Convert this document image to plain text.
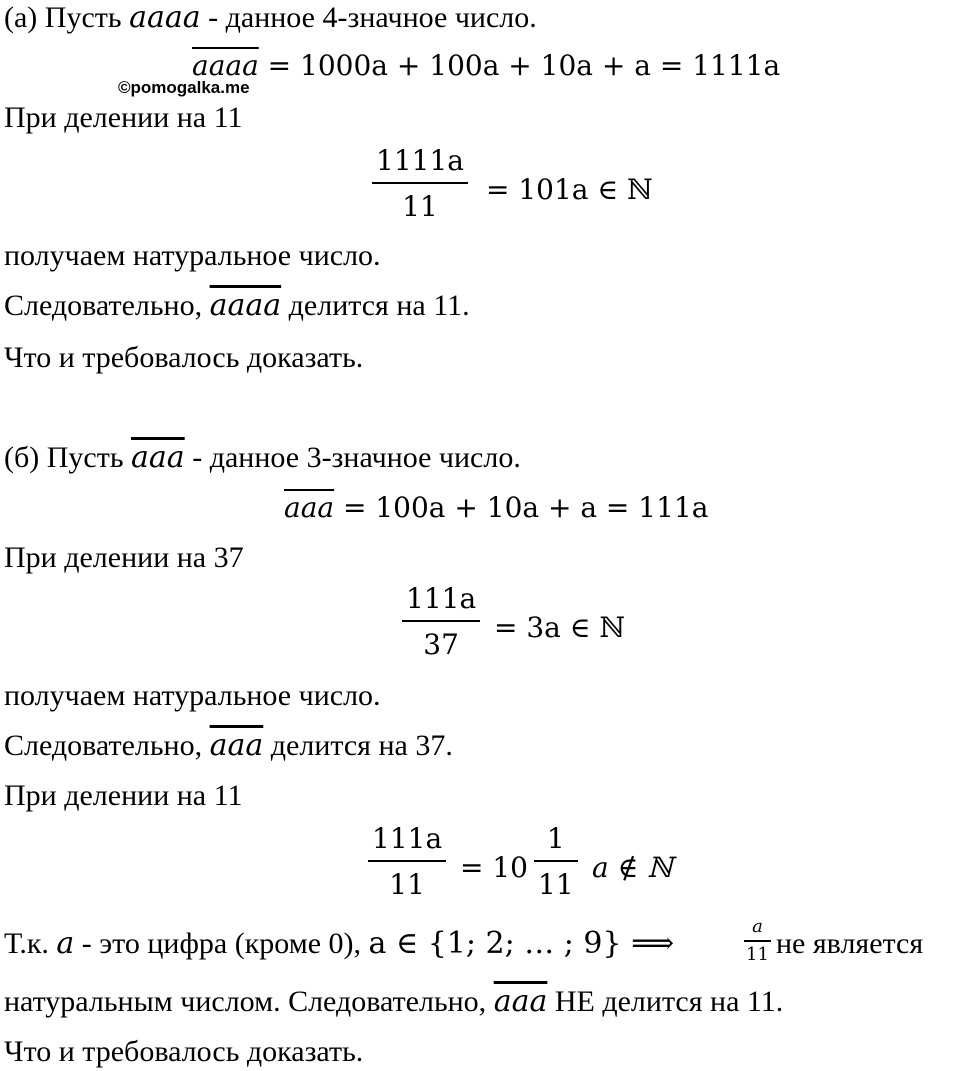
(а) Пусть aaaa - данное 4-значное число.
aaaa = 1000a + 100a + 10a + a = 1111a
©pomogalka.me
При делении на 11
1111a
11
= 101a ∈ ℕ
получаем натуральное число.
Следовательно, aaaa делится на 11.
Что и требовалось доказать.
(б) Пусть $\overline{aaa}$ - данное 3-значное число.
$\overline{aaa} = 100a + 10a + a = 111a$
При делении на 37
111a
37
= 3a ∈ ℕ
получаем натуральное число.
Следовательно, $\overline{aaa}$ делится на 37.
При делении на 11
111a
11
= 10
1
11
a ∉ ℕ
Т.к. a - это цифра (кроме 0), a ∈ {1; 2; … ; 9} ⟹	a
11 не является
натуральным числом. Следовательно, $\overline{aaa}$ НЕ делится на 11.
Что и требовалось доказать.
